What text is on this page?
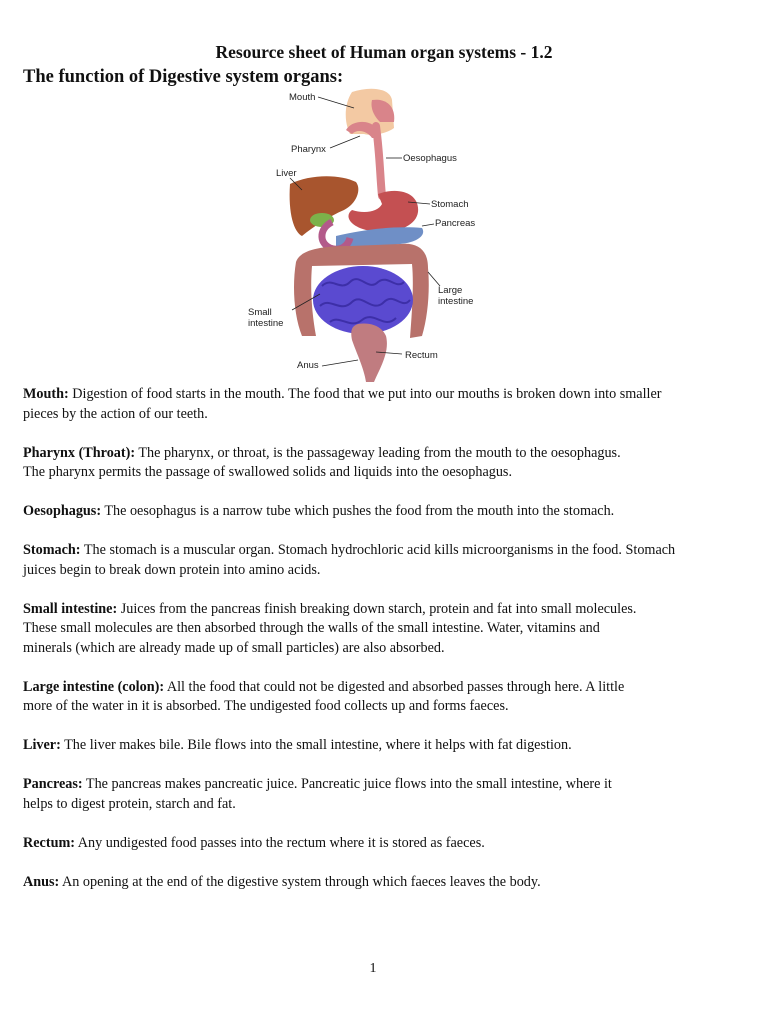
Resource sheet of Human organ systems - 1.2
The function of Digestive system organs:
Mouth
Pharynx
Oesophagus
Liver
Stomach
Pancreas
Large
intestine
Small
intestine
Rectum
Anus
Mouth: Digestion of food starts in the mouth. The food that we put into our mouths is broken down into smaller
pieces by the action of our teeth.
Pharynx (Throat): The pharynx, or throat, is the passageway leading from the mouth to the oesophagus.
The pharynx permits the passage of swallowed solids and liquids into the oesophagus.
Oesophagus: The oesophagus is a narrow tube which pushes the food from the mouth into the stomach.
Stomach: The stomach is a muscular organ. Stomach hydrochloric acid kills microorganisms in the food. Stomach
juices begin to break down protein into amino acids.
Small intestine: Juices from the pancreas finish breaking down starch, protein and fat into small molecules.
These small molecules are then absorbed through the walls of the small intestine. Water, vitamins and
minerals (which are already made up of small particles) are also absorbed.
Large intestine (colon): All the food that could not be digested and absorbed passes through here. A little
more of the water in it is absorbed. The undigested food collects up and forms faeces.
Liver: The liver makes bile. Bile flows into the small intestine, where it helps with fat digestion.
Pancreas: The pancreas makes pancreatic juice. Pancreatic juice flows into the small intestine, where it
helps to digest protein, starch and fat.
Rectum: Any undigested food passes into the rectum where it is stored as faeces.
Anus: An opening at the end of the digestive system through which faeces leaves the body.
1
